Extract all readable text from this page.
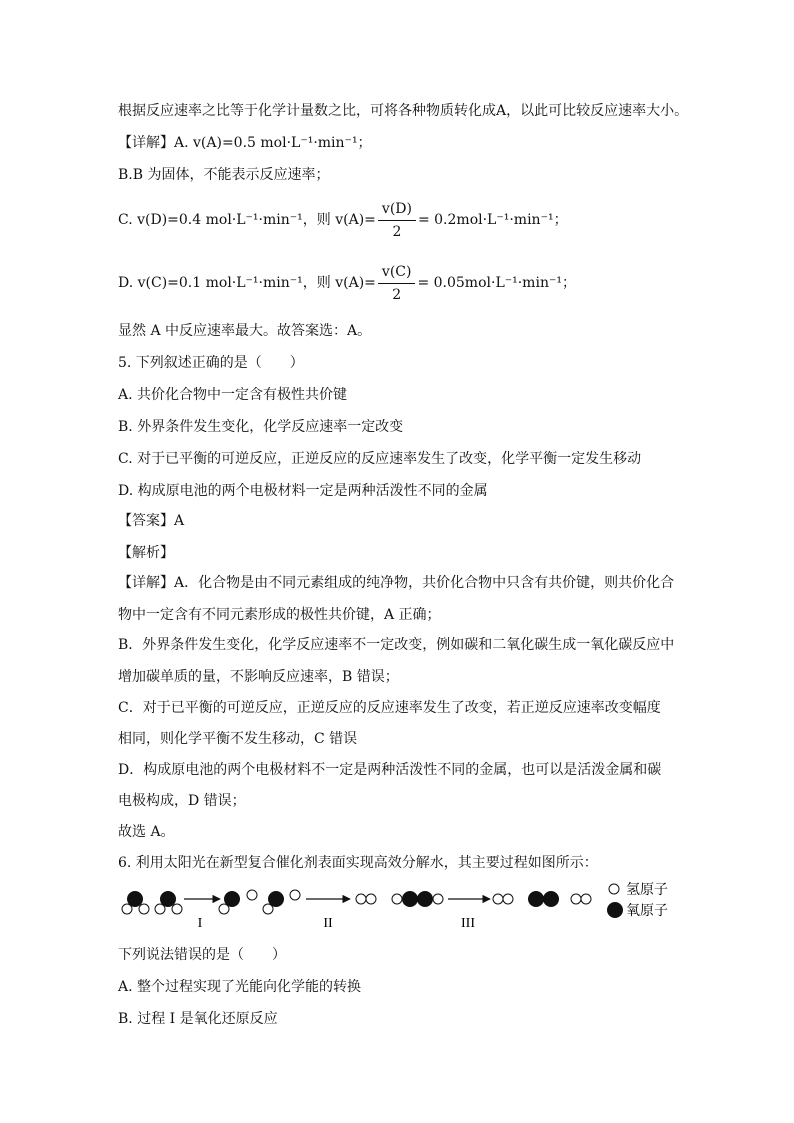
根据反应速率之比等于化学计量数之比，可将各种物质转化成A，以此可比较反应速率大小。
【详解】A. v(A)=0.5 mol·L⁻¹·min⁻¹；
B.B 为固体，不能表示反应速率；
C. v(D)=0.4 mol·L⁻¹·min⁻¹，则 $v(A)= \frac{v(D)}{2} = 0.2mol\cdot L^{-1}\cdot\min^{-1}$；
D. v(C)=0.1 mol·L⁻¹·min⁻¹，则 $v(A)= \frac{v(C)}{2} = 0.05mol\cdot L^{-1}\cdot\min^{-1}$；
显然 A 中反应速率最大。故答案选：A。
5. 下列叙述正确的是（　　）
A. 共价化合物中一定含有极性共价键
B. 外界条件发生变化，化学反应速率一定改变
C. 对于已平衡的可逆反应，正逆反应的反应速率发生了改变，化学平衡一定发生移动
D. 构成原电池的两个电极材料一定是两种活泼性不同的金属
【答案】A
【解析】
【详解】A．化合物是由不同元素组成的纯净物，共价化合物中只含有共价键，则共价化合
物中一定含有不同元素形成的极性共价键，A 正确；
B．外界条件发生变化，化学反应速率不一定改变，例如碳和二氧化碳生成一氧化碳反应中
增加碳单质的量，不影响反应速率，B 错误；
C．对于已平衡的可逆反应，正逆反应的反应速率发生了改变，若正逆反应速率改变幅度
相同，则化学平衡不发生移动，C 错误
D．构成原电池的两个电极材料不一定是两种活泼性不同的金属，也可以是活泼金属和碳
电极构成，D 错误；
故选 A。
6. 利用太阳光在新型复合催化剂表面实现高效分解水，其主要过程如图所示：
I	II	III
氢原子
氧原子
下列说法错误的是（　　）
A. 整个过程实现了光能向化学能的转换
B. 过程 I 是氧化还原反应
